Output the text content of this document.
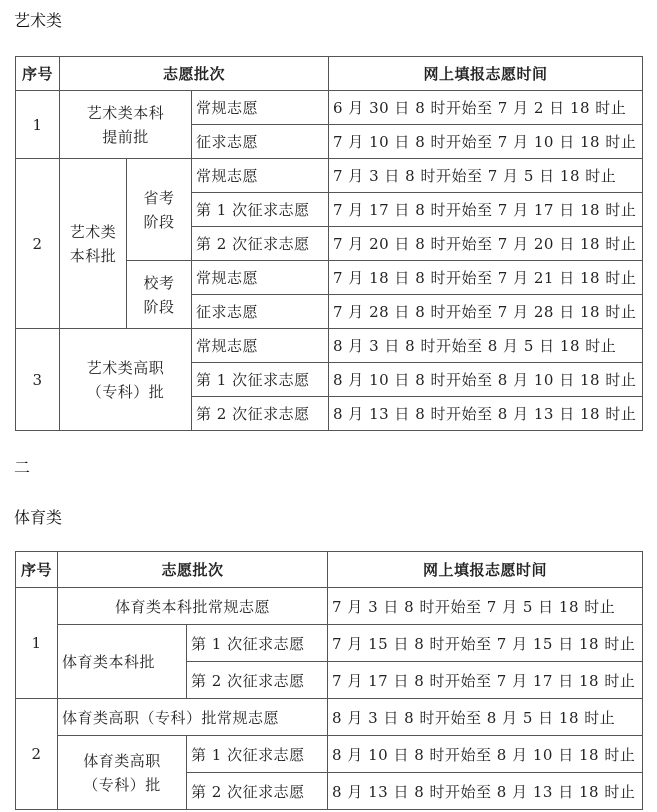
艺术类
序号	志愿批次			网上填报志愿时间
1	艺术类本科提前批		常规志愿	6 月 30 日 8 时开始至 7 月 2 日 18 时止
			征求志愿	7 月 10 日 8 时开始至 7 月 10 日 18 时止
2	艺术类本科批	省考阶段	常规志愿	7 月 3 日 8 时开始至 7 月 5 日 18 时止
			第 1 次征求志愿	7 月 17 日 8 时开始至 7 月 17 日 18 时止
			第 2 次征求志愿	7 月 20 日 8 时开始至 7 月 20 日 18 时止
		校考阶段	常规志愿	7 月 18 日 8 时开始至 7 月 21 日 18 时止
			征求志愿	7 月 28 日 8 时开始至 7 月 28 日 18 时止
3	艺术类高职（专科）批		常规志愿	8 月 3 日 8 时开始至 8 月 5 日 18 时止
			第 1 次征求志愿	8 月 10 日 8 时开始至 8 月 10 日 18 时止
			第 2 次征求志愿	8 月 13 日 8 时开始至 8 月 13 日 18 时止
二
体育类
序号	志愿批次		网上填报志愿时间
1	体育类本科批常规志愿		7 月 3 日 8 时开始至 7 月 5 日 18 时止
	体育类本科批	第 1 次征求志愿	7 月 15 日 8 时开始至 7 月 15 日 18 时止
		第 2 次征求志愿	7 月 17 日 8 时开始至 7 月 17 日 18 时止
2	体育类高职（专科）批常规志愿		8 月 3 日 8 时开始至 8 月 5 日 18 时止
	体育类高职（专科）批	第 1 次征求志愿	8 月 10 日 8 时开始至 8 月 10 日 18 时止
		第 2 次征求志愿	8 月 13 日 8 时开始至 8 月 13 日 18 时止
